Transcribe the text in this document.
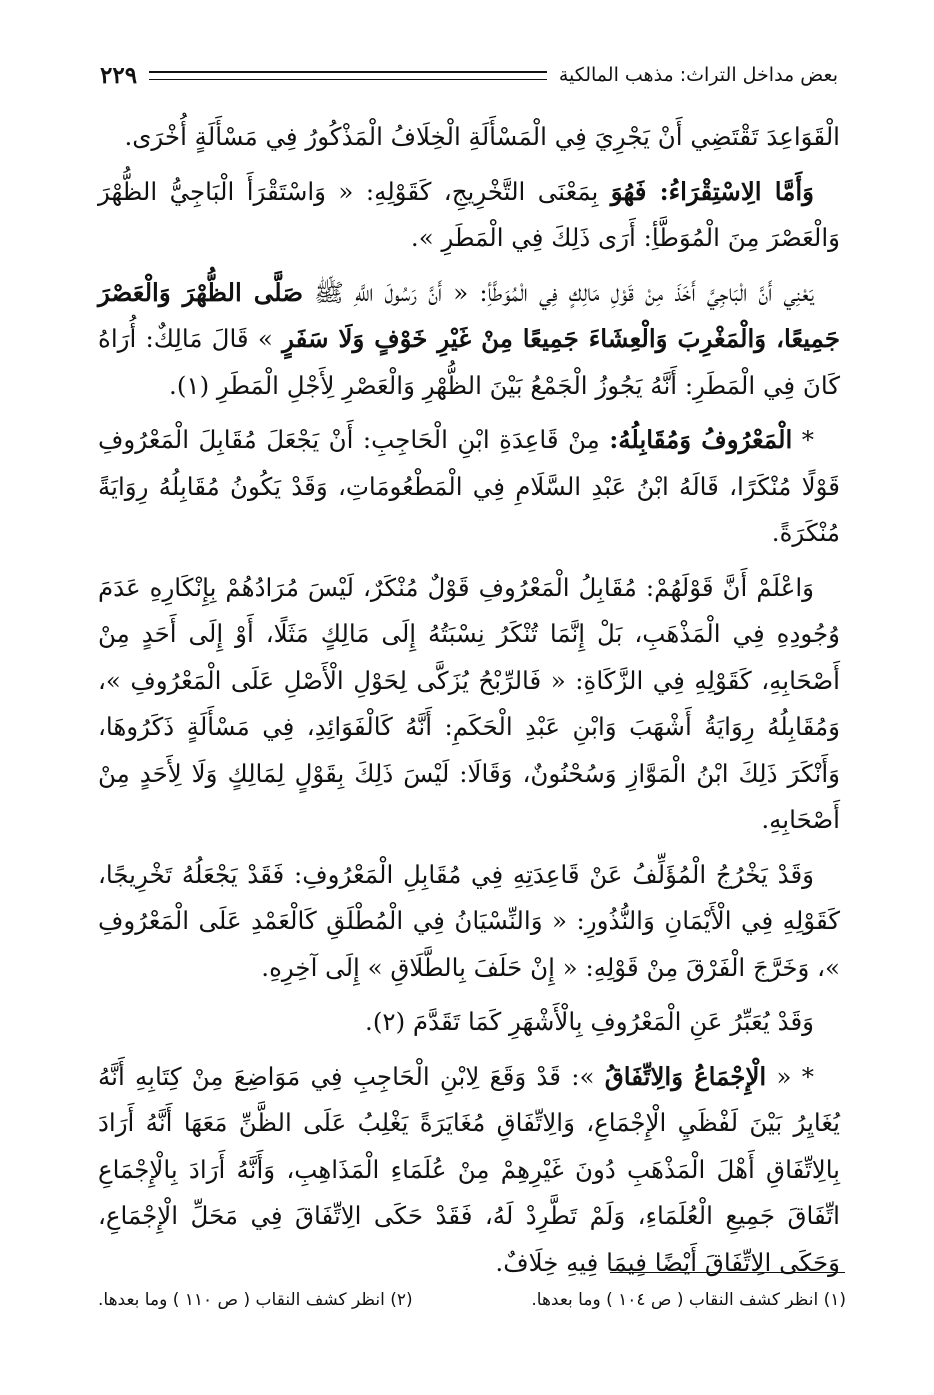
بعض مداخل التراث: مذهب المالكية
٢٢٩

الْقَوَاعِدَ تَقْتَضِي أَنْ يَجْرِيَ فِي الْمَسْأَلَةِ الْخِلَافُ الْمَذْكُورُ فِي مَسْأَلَةٍ أُخْرَى.

وَأَمَّا الِاسْتِقْرَاءُ: فَهُوَ بِمَعْنَى التَّخْرِيجِ، كَقَوْلِهِ: « وَاسْتَقْرَأَ الْبَاجِيُّ الظُّهْرَ وَالْعَصْرَ مِنَ الْمُوَطَّأِ: أَرَى ذَلِكَ فِي الْمَطَرِ ».

يَعْنِي أَنَّ الْبَاجِيَّ أَخَذَ مِنْ قَوْلِ مَالِكٍ فِي الْمُوَطَّأِ: « أَنَّ رَسُولَ اللَّهِ ﷺ صَلَّى الظُّهْرَ وَالْعَصْرَ جَمِيعًا، وَالْمَغْرِبَ وَالْعِشَاءَ جَمِيعًا مِنْ غَيْرِ خَوْفٍ وَلَا سَفَرٍ » قَالَ مَالِكٌ: أُرَاهُ كَانَ فِي الْمَطَرِ: أَنَّهُ يَجُوزُ الْجَمْعُ بَيْنَ الظُّهْرِ وَالْعَصْرِ لِأَجْلِ الْمَطَرِ (١).

* الْمَعْرُوفُ وَمُقَابِلُهُ: مِنْ قَاعِدَةِ ابْنِ الْحَاجِبِ: أَنْ يَجْعَلَ مُقَابِلَ الْمَعْرُوفِ قَوْلًا مُنْكَرًا، قَالَهُ ابْنُ عَبْدِ السَّلَامِ فِي الْمَطْعُومَاتِ، وَقَدْ يَكُونُ مُقَابِلُهُ رِوَايَةً مُنْكَرَةً.

وَاعْلَمْ أَنَّ قَوْلَهُمْ: مُقَابِلُ الْمَعْرُوفِ قَوْلٌ مُنْكَرٌ، لَيْسَ مُرَادُهُمْ بِإِنْكَارِهِ عَدَمَ وُجُودِهِ فِي الْمَذْهَبِ، بَلْ إِنَّمَا تُنْكَرُ نِسْبَتُهُ إِلَى مَالِكٍ مَثَلًا، أَوْ إِلَى أَحَدٍ مِنْ أَصْحَابِهِ، كَقَوْلِهِ فِي الزَّكَاةِ: « فَالرِّبْحُ يُزَكَّى لِحَوْلِ الْأَصْلِ عَلَى الْمَعْرُوفِ »، وَمُقَابِلُهُ رِوَايَةُ أَشْهَبَ وَابْنِ عَبْدِ الْحَكَمِ: أَنَّهُ كَالْفَوَائِدِ، فِي مَسْأَلَةٍ ذَكَرُوهَا، وَأَنْكَرَ ذَلِكَ ابْنُ الْمَوَّازِ وَسُحْنُونٌ، وَقَالَا: لَيْسَ ذَلِكَ بِقَوْلٍ لِمَالِكٍ وَلَا لِأَحَدٍ مِنْ أَصْحَابِهِ.

وَقَدْ يَخْرُجُ الْمُؤَلِّفُ عَنْ قَاعِدَتِهِ فِي مُقَابِلِ الْمَعْرُوفِ: فَقَدْ يَجْعَلُهُ تَخْرِيجًا، كَقَوْلِهِ فِي الْأَيْمَانِ وَالنُّذُورِ: « وَالنِّسْيَانُ فِي الْمُطْلَقِ كَالْعَمْدِ عَلَى الْمَعْرُوفِ »، وَخَرَّجَ الْفَرْقَ مِنْ قَوْلِهِ: « إِنْ حَلَفَ بِالطَّلَاقِ » إِلَى آخِرِهِ.

وَقَدْ يُعَبِّرُ عَنِ الْمَعْرُوفِ بِالْأَشْهَرِ كَمَا تَقَدَّمَ (٢).

* « الْإِجْمَاعُ وَالِاتِّفَاقُ »: قَدْ وَقَعَ لِابْنِ الْحَاجِبِ فِي مَوَاضِعَ مِنْ كِتَابِهِ أَنَّهُ يُغَايِرُ بَيْنَ لَفْظَيِ الْإِجْمَاعِ، وَالِاتِّفَاقِ مُغَايَرَةً يَغْلِبُ عَلَى الظَّنِّ مَعَهَا أَنَّهُ أَرَادَ بِالِاتِّفَاقِ أَهْلَ الْمَذْهَبِ دُونَ غَيْرِهِمْ مِنْ عُلَمَاءِ الْمَذَاهِبِ، وَأَنَّهُ أَرَادَ بِالْإِجْمَاعِ اتِّفَاقَ جَمِيعِ الْعُلَمَاءِ، وَلَمْ تَطَّرِدْ لَهُ، فَقَدْ حَكَى الِاتِّفَاقَ فِي مَحَلِّ الْإِجْمَاعِ، وَحَكَى الِاتِّفَاقَ أَيْضًا فِيمَا فِيهِ خِلَافٌ.

(١) انظر كشف النقاب ( ص ١٠٤ ) وما بعدها.
(٢) انظر كشف النقاب ( ص ١١٠ ) وما بعدها.
